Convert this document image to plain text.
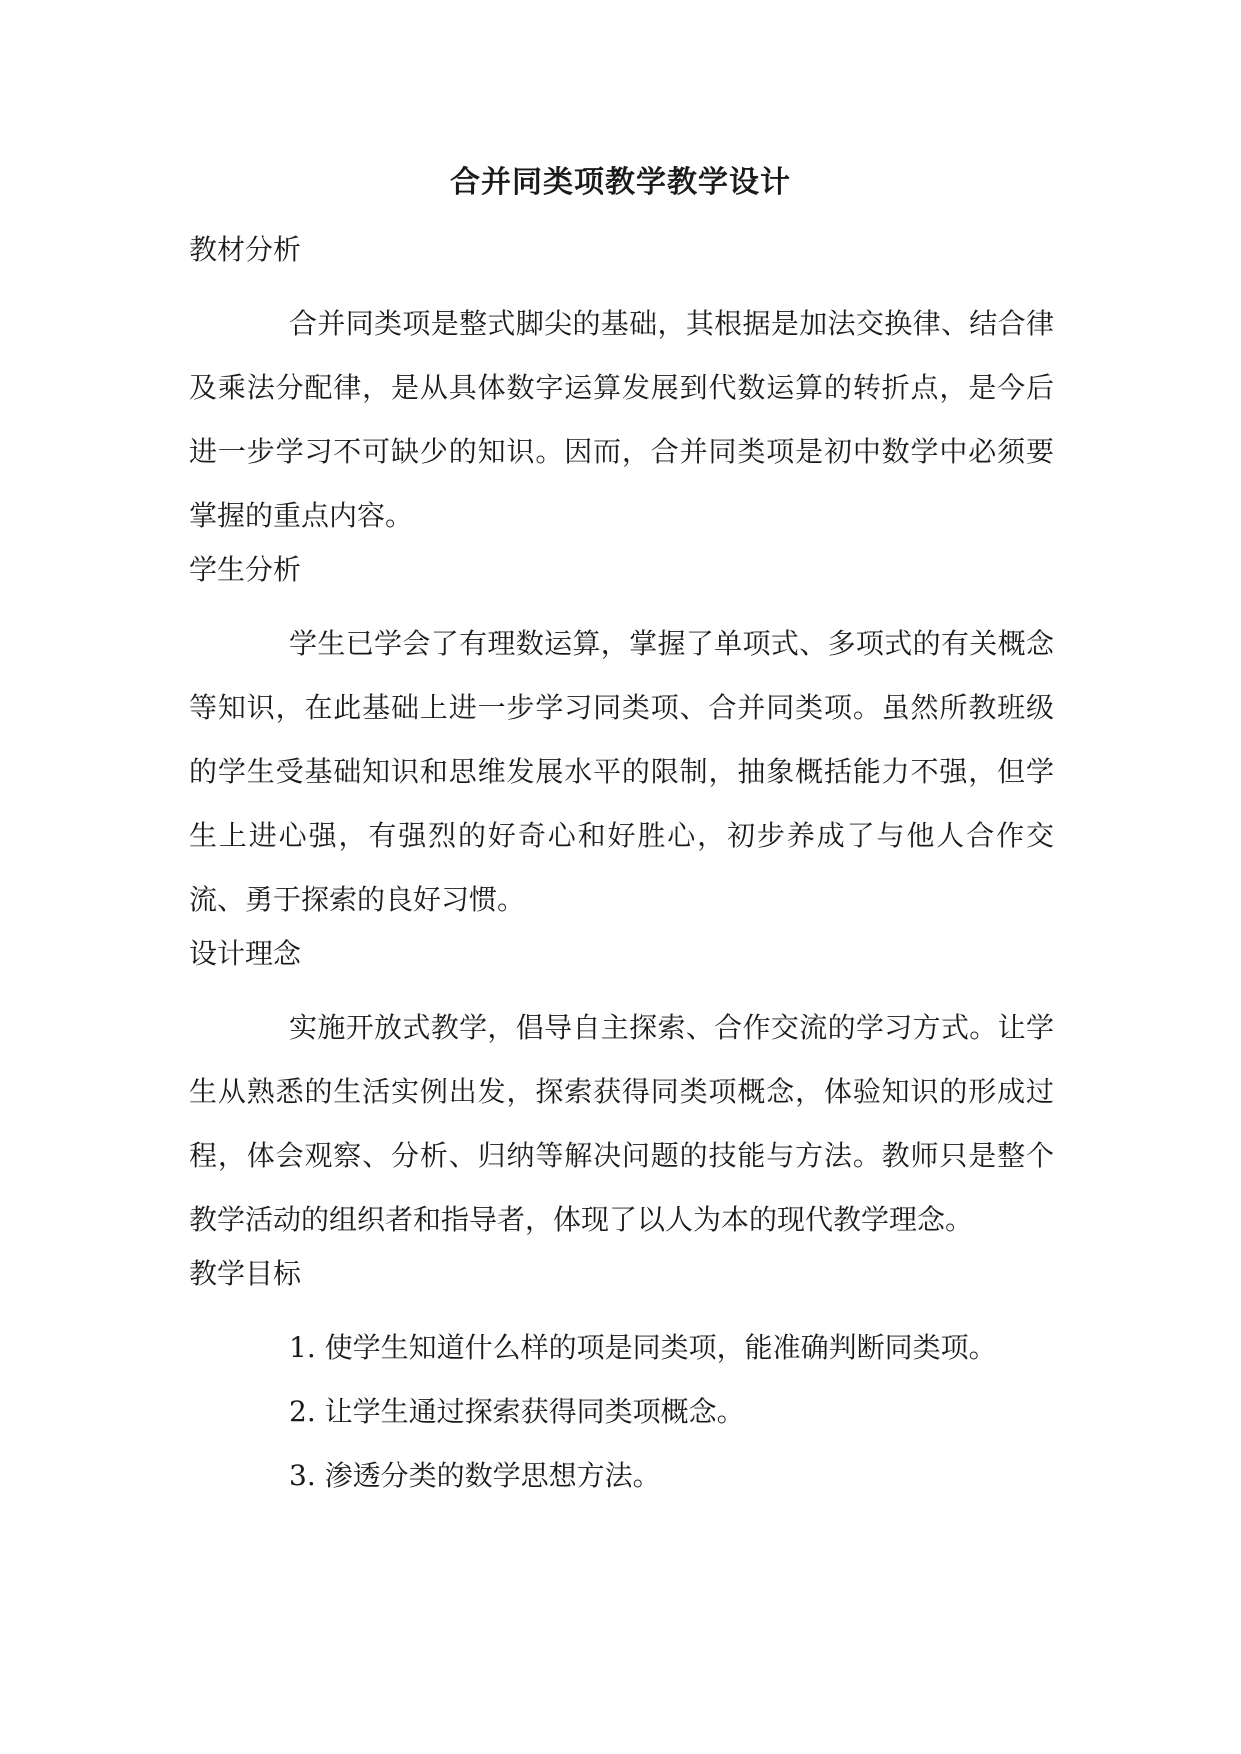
合并同类项教学教学设计
教材分析

合并同类项是整式脚尖的基础，其根据是加法交换律、结合律及乘法分配律，是从具体数字运算发展到代数运算的转折点，是今后进一步学习不可缺少的知识。因而，合并同类项是初中数学中必须要掌握的重点内容。

学生分析

学生已学会了有理数运算，掌握了单项式、多项式的有关概念等知识，在此基础上进一步学习同类项、合并同类项。虽然所教班级的学生受基础知识和思维发展水平的限制，抽象概括能力不强，但学生上进心强，有强烈的好奇心和好胜心，初步养成了与他人合作交流、勇于探索的良好习惯。

设计理念

实施开放式教学，倡导自主探索、合作交流的学习方式。让学生从熟悉的生活实例出发，探索获得同类项概念，体验知识的形成过程，体会观察、分析、归纳等解决问题的技能与方法。教师只是整个教学活动的组织者和指导者，体现了以人为本的现代教学理念。

教学目标
1. 使学生知道什么样的项是同类项，能准确判断同类项。
2. 让学生通过探索获得同类项概念。
3. 渗透分类的数学思想方法。
